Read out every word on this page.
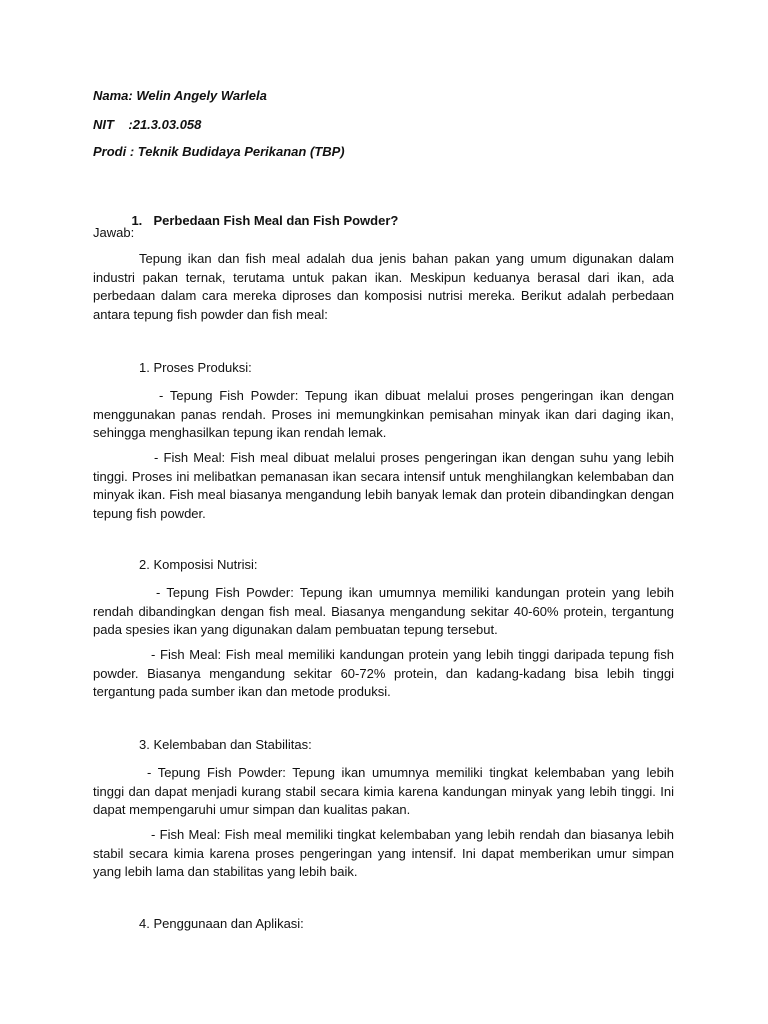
Nama: Welin Angely Warlela
NIT    :21.3.03.058
Prodi : Teknik Budidaya Perikanan (TBP)

1. Perbedaan Fish Meal dan Fish Powder?

Jawab:
Tepung ikan dan fish meal adalah dua jenis bahan pakan yang umum digunakan dalam industri pakan ternak, terutama untuk pakan ikan. Meskipun keduanya berasal dari ikan, ada perbedaan dalam cara mereka diproses dan komposisi nutrisi mereka. Berikut adalah perbedaan antara tepung fish powder dan fish meal:
1. Proses Produksi:
- Tepung Fish Powder: Tepung ikan dibuat melalui proses pengeringan ikan dengan menggunakan panas rendah. Proses ini memungkinkan pemisahan minyak ikan dari daging ikan, sehingga menghasilkan tepung ikan rendah lemak.
- Fish Meal: Fish meal dibuat melalui proses pengeringan ikan dengan suhu yang lebih tinggi. Proses ini melibatkan pemanasan ikan secara intensif untuk menghilangkan kelembaban dan minyak ikan. Fish meal biasanya mengandung lebih banyak lemak dan protein dibandingkan dengan tepung fish powder.
2. Komposisi Nutrisi:
- Tepung Fish Powder: Tepung ikan umumnya memiliki kandungan protein yang lebih rendah dibandingkan dengan fish meal. Biasanya mengandung sekitar 40-60% protein, tergantung pada spesies ikan yang digunakan dalam pembuatan tepung tersebut.
- Fish Meal: Fish meal memiliki kandungan protein yang lebih tinggi daripada tepung fish powder. Biasanya mengandung sekitar 60-72% protein, dan kadang-kadang bisa lebih tinggi tergantung pada sumber ikan dan metode produksi.
3. Kelembaban dan Stabilitas:
- Tepung Fish Powder: Tepung ikan umumnya memiliki tingkat kelembaban yang lebih tinggi dan dapat menjadi kurang stabil secara kimia karena kandungan minyak yang lebih tinggi. Ini dapat mempengaruhi umur simpan dan kualitas pakan.
- Fish Meal: Fish meal memiliki tingkat kelembaban yang lebih rendah dan biasanya lebih stabil secara kimia karena proses pengeringan yang intensif. Ini dapat memberikan umur simpan yang lebih lama dan stabilitas yang lebih baik.
4. Penggunaan dan Aplikasi:
